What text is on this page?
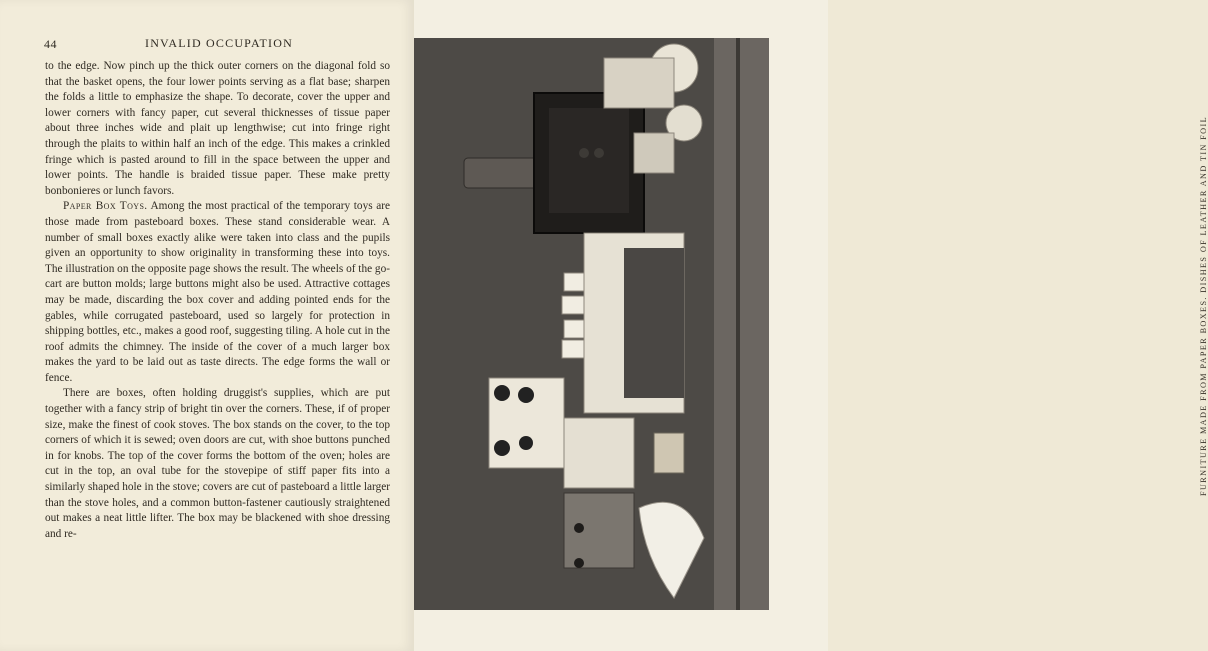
44	INVALID OCCUPATION

to the edge. Now pinch up the thick outer corners on the diagonal fold so that the basket opens, the four lower points serving as a flat base; sharpen the folds a little to emphasize the shape. To decorate, cover the upper and lower corners with fancy paper, cut several thicknesses of tissue paper about three inches wide and plait up lengthwise; cut into fringe right through the plaits to within half an inch of the edge. This makes a crinkled fringe which is pasted around to fill in the space between the upper and lower points. The handle is braided tissue paper. These make pretty bonbonieres or lunch favors.

Paper Box Toys. Among the most practical of the temporary toys are those made from pasteboard boxes. These stand considerable wear. A number of small boxes exactly alike were taken into class and the pupils given an opportunity to show originality in transforming these into toys. The illustration on the opposite page shows the result. The wheels of the go-cart are button molds; large buttons might also be used. Attractive cottages may be made, discarding the box cover and adding pointed ends for the gables, while corrugated pasteboard, used so largely for protection in shipping bottles, etc., makes a good roof, suggesting tiling. A hole cut in the roof admits the chimney. The inside of the cover of a much larger box makes the yard to be laid out as taste directs. The edge forms the wall or fence.

There are boxes, often holding druggist's supplies, which are put together with a fancy strip of bright tin over the corners. These, if of proper size, make the finest of cook stoves. The box stands on the cover, to the top corners of which it is sewed; oven doors are cut, with shoe buttons punched in for knobs. The top of the cover forms the bottom of the oven; holes are cut in the top, an oval tube for the stovepipe of stiff paper fits into a similarly shaped hole in the stove; covers are cut of pasteboard a little larger than the stove holes, and a common button-fastener cautiously straightened out makes a neat little lifter. The box may be blackened with shoe dressing and re-

FURNITURE MADE FROM PAPER BOXES. DISHES OF LEATHER AND TIN FOIL
